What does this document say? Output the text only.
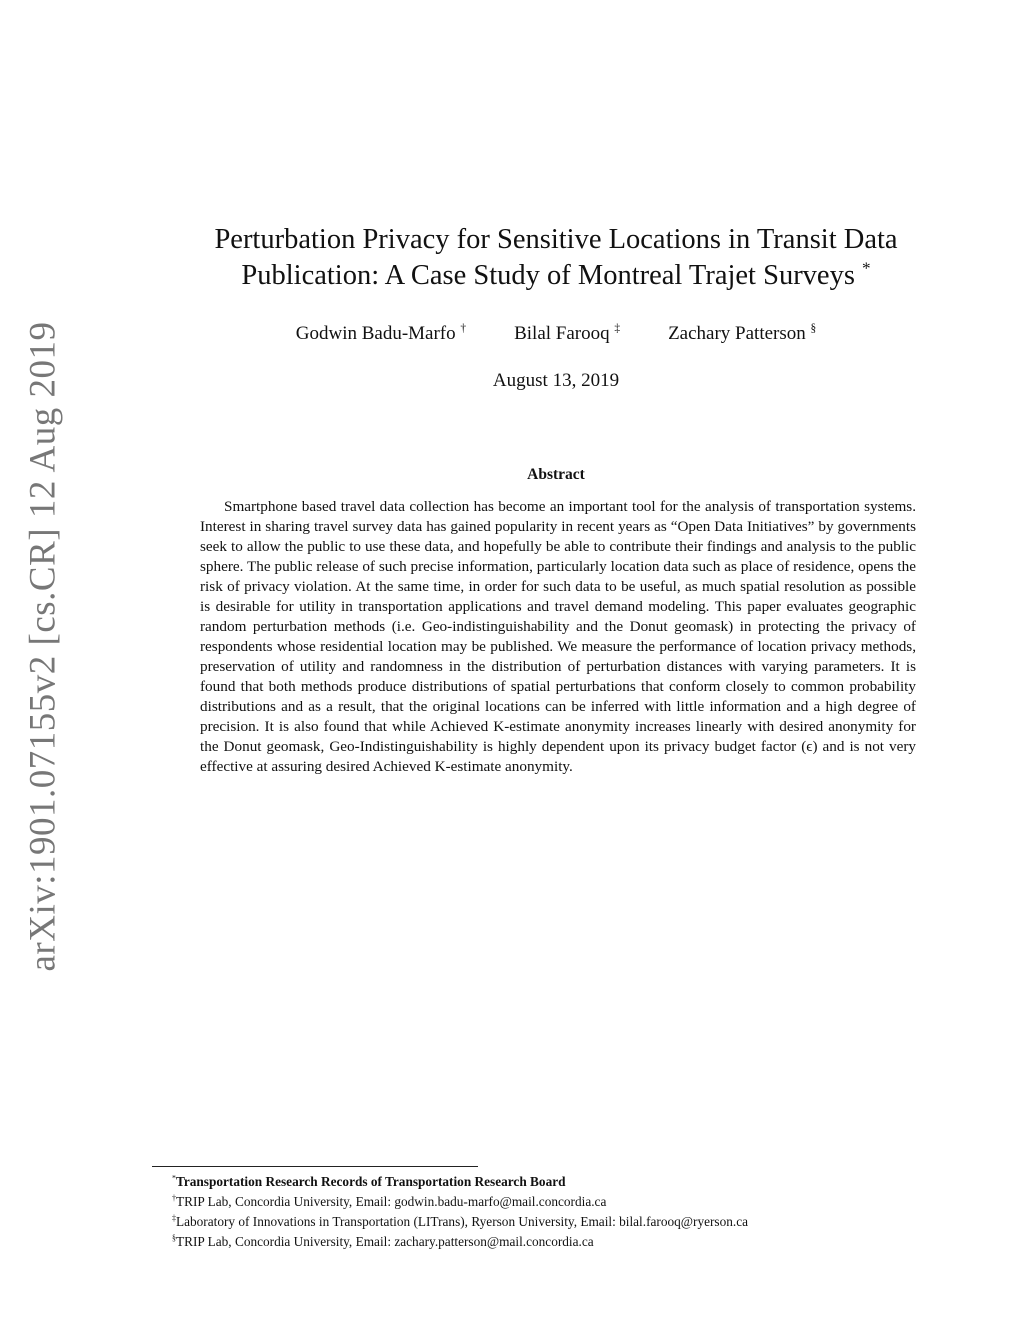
arXiv:1901.07155v2 [cs.CR] 12 Aug 2019
Perturbation Privacy for Sensitive Locations in Transit Data
Publication: A Case Study of Montreal Trajet Surveys *
Godwin Badu-Marfo †	Bilal Farooq ‡	Zachary Patterson §
August 13, 2019
Abstract

Smartphone based travel data collection has become an important tool for the analysis of transportation systems. Interest in sharing travel survey data has gained popularity in recent years as “Open Data Initiatives” by governments seek to allow the public to use these data, and hopefully be able to contribute their findings and analysis to the public sphere. The public release of such precise information, particularly location data such as place of residence, opens the risk of privacy violation. At the same time, in order for such data to be useful, as much spatial resolution as possible is desirable for utility in transportation applications and travel demand modeling. This paper evaluates geographic random perturbation methods (i.e. Geo-indistinguishability and the Donut geomask) in protecting the privacy of respondents whose residential location may be published. We measure the performance of location privacy methods, preservation of utility and randomness in the distribution of perturbation distances with varying parameters. It is found that both methods produce distributions of spatial perturbations that conform closely to common probability distributions and as a result, that the original locations can be inferred with little information and a high degree of precision. It is also found that while Achieved K-estimate anonymity increases linearly with desired anonymity for the Donut geomask, Geo-Indistinguishability is highly dependent upon its privacy budget factor (ϵ) and is not very effective at assuring desired Achieved K-estimate anonymity.

*Transportation Research Records of Transportation Research Board
†TRIP Lab, Concordia University, Email: godwin.badu-marfo@mail.concordia.ca
‡Laboratory of Innovations in Transportation (LITrans), Ryerson University, Email: bilal.farooq@ryerson.ca
§TRIP Lab, Concordia University, Email: zachary.patterson@mail.concordia.ca
